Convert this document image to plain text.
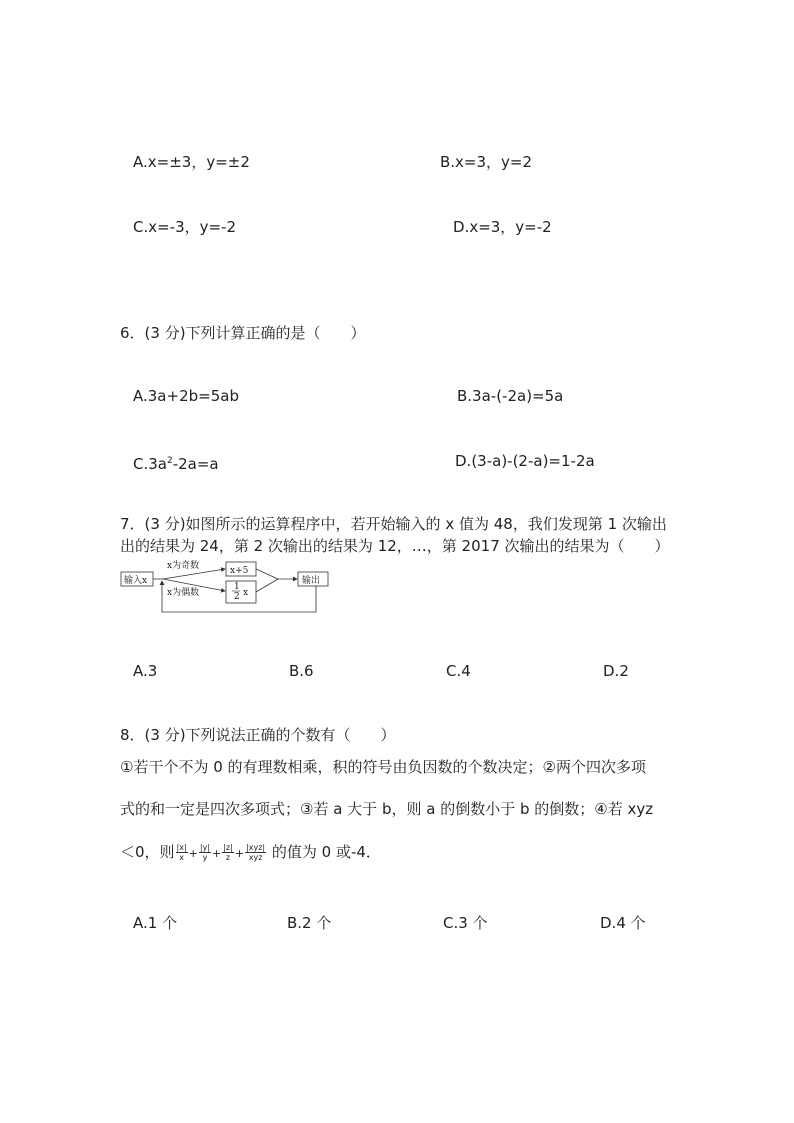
A.x=±3，y=±2	B.x=3，y=2
C.x=-3，y=-2	D.x=3，y=-2
6．(3 分)下列计算正确的是（　　）
A.3a+2b=5ab	B.3a-(-2a)=5a
$C.3a^2-2a=a$	D.(3-a)-(2-a)=1-2a
7．(3 分)如图所示的运算程序中，若开始输入的 x 值为 48，我们发现第 1 次输出
出的结果为 24，第 2 次输出的结果为 12，…，第 2017 次输出的结果为（　　）
输入x
x为奇数
x为偶数
x+5
1
2 x
输出
A.3	B.6	C.4	D.2
8．(3 分)下列说法正确的个数有（　　）
①若干个不为 0 的有理数相乘，积的符号由负因数的个数决定；②两个四次多项
式的和一定是四次多项式；③若 a 大于 b，则 a 的倒数小于 b 的倒数；④若 xyz
＜0，则 $\frac{|x|}{x} + \frac{|y|}{y} + \frac{|z|}{z} + \frac{\text{|xyz|}}{\text{xyz}}$ 的值为 0 或-4．
A.1 个	B.2 个	C.3 个	D.4 个
